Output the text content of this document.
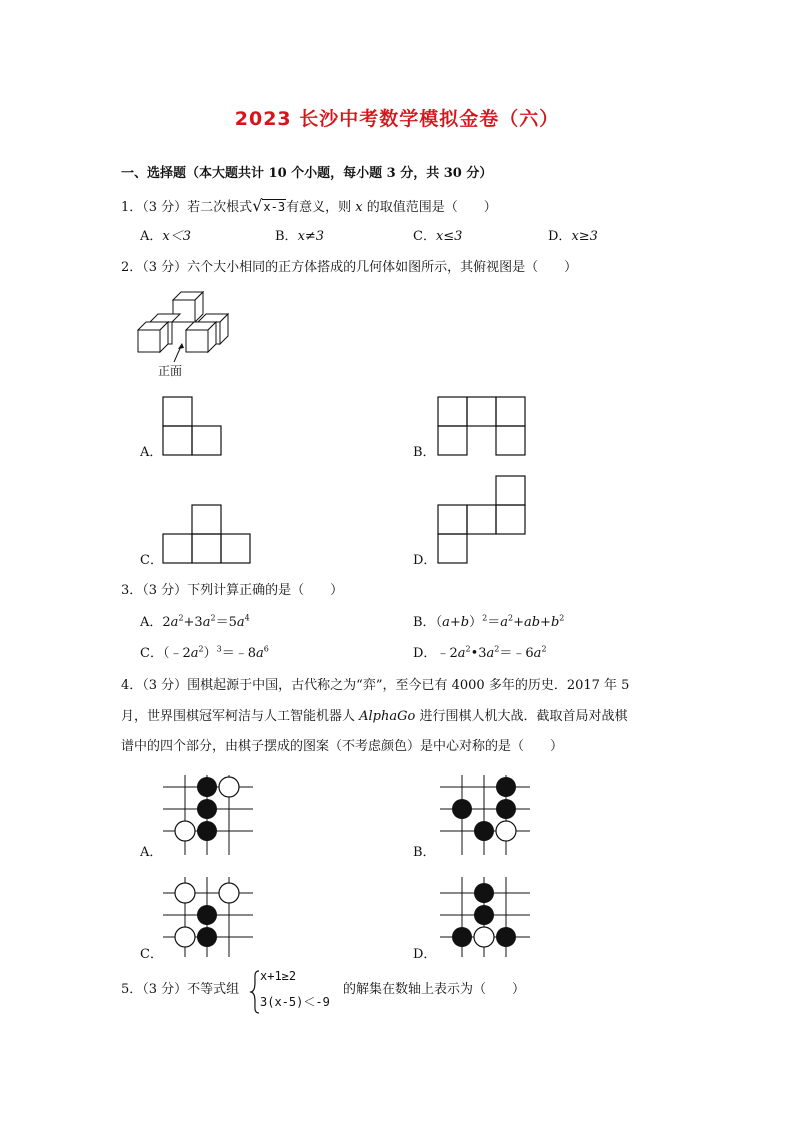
2023 长沙中考数学模拟金卷（六）
一、选择题（本大题共计 10 个小题，每小题 3 分，共 30 分）
1．（3 分）若二次根式√x-3有意义，则 x 的取值范围是（　　）
A．x＜3	B．x≠3	C．x≤3	D．x≥3
2．（3 分）六个大小相同的正方体搭成的几何体如图所示，其俯视图是（　　）
正面
A．	B．
C．	D．
3．（3 分）下列计算正确的是（　　）
A．$2a^2+3a^2=5a^4$	B．$(a+b)^2=a^2+ab+b^2$
C．$(﹣2a^2)^3=﹣8a^6$	D．$﹣2a^2•3a^2=﹣6a^2$
4．（3 分）围棋起源于中国，古代称之为“弈”，至今已有 4000 多年的历史．2017 年 5
月，世界围棋冠军柯洁与人工智能机器人 AlphaGo 进行围棋人机大战．截取首局对战棋
谱中的四个部分，由棋子摆成的图案（不考虑颜色）是中心对称的是（　　）
A．	B．
C．	D．
5．（3 分）不等式组
x+1≥2
3(x-5)＜-9
的解集在数轴上表示为（　　）
